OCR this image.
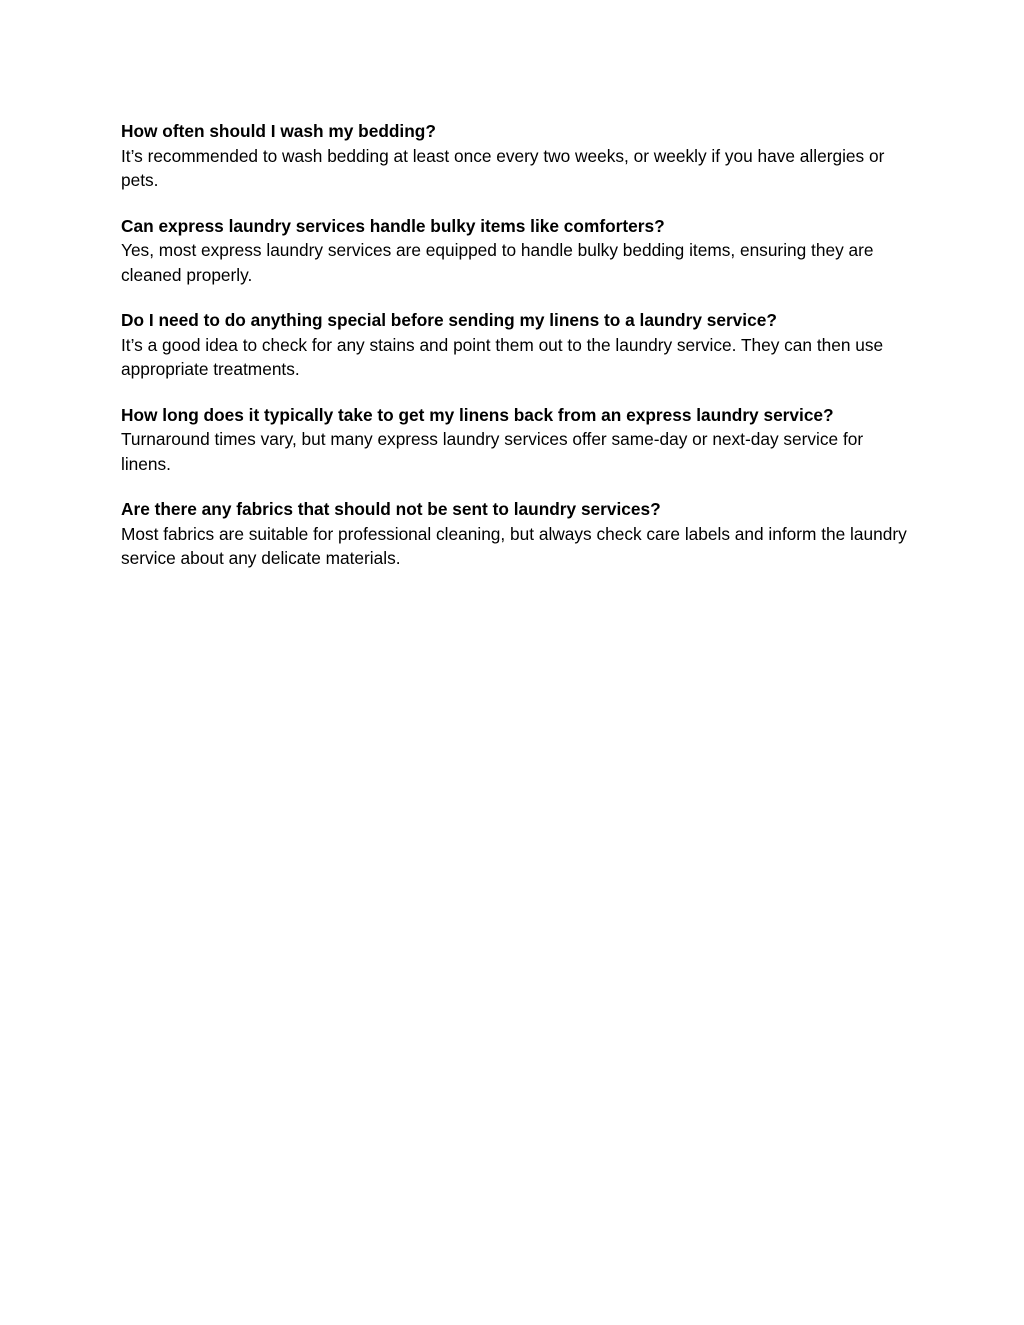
How often should I wash my bedding?

It’s recommended to wash bedding at least once every two weeks, or weekly if you have allergies or pets.

Can express laundry services handle bulky items like comforters?

Yes, most express laundry services are equipped to handle bulky bedding items, ensuring they are cleaned properly.

Do I need to do anything special before sending my linens to a laundry service?

It’s a good idea to check for any stains and point them out to the laundry service. They can then use appropriate treatments.

How long does it typically take to get my linens back from an express laundry service?

Turnaround times vary, but many express laundry services offer same-day or next-day service for linens.

Are there any fabrics that should not be sent to laundry services?

Most fabrics are suitable for professional cleaning, but always check care labels and inform the laundry service about any delicate materials.
